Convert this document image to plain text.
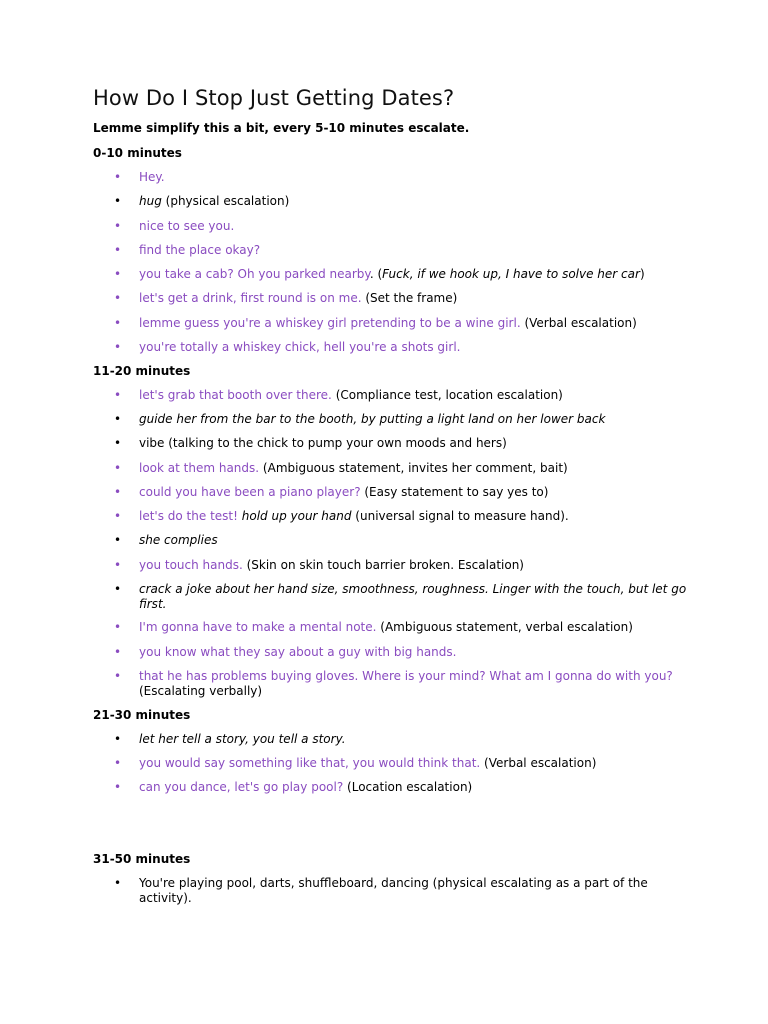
How Do I Stop Just Getting Dates?

Lemme simplify this a bit, every 5-10 minutes escalate.

0-10 minutes

• Hey.
• hug (physical escalation)
• nice to see you.
• find the place okay?
• you take a cab? Oh you parked nearby. (Fuck, if we hook up, I have to solve her car)
• let's get a drink, first round is on me. (Set the frame)
• lemme guess you're a whiskey girl pretending to be a wine girl. (Verbal escalation)
• you're totally a whiskey chick, hell you're a shots girl.

11-20 minutes

• let's grab that booth over there. (Compliance test, location escalation)
• guide her from the bar to the booth, by putting a light land on her lower back
• vibe (talking to the chick to pump your own moods and hers)
• look at them hands. (Ambiguous statement, invites her comment, bait)
• could you have been a piano player? (Easy statement to say yes to)
• let's do the test! hold up your hand (universal signal to measure hand).
• she complies
• you touch hands. (Skin on skin touch barrier broken. Escalation)
• crack a joke about her hand size, smoothness, roughness. Linger with the touch, but let go first.
• I'm gonna have to make a mental note. (Ambiguous statement, verbal escalation)
• you know what they say about a guy with big hands.
• that he has problems buying gloves. Where is your mind? What am I gonna do with you? (Escalating verbally)

21-30 minutes

• let her tell a story, you tell a story.
• you would say something like that, you would think that. (Verbal escalation)
• can you dance, let's go play pool? (Location escalation)

31-50 minutes

• You're playing pool, darts, shuffleboard, dancing (physical escalating as a part of the activity).
